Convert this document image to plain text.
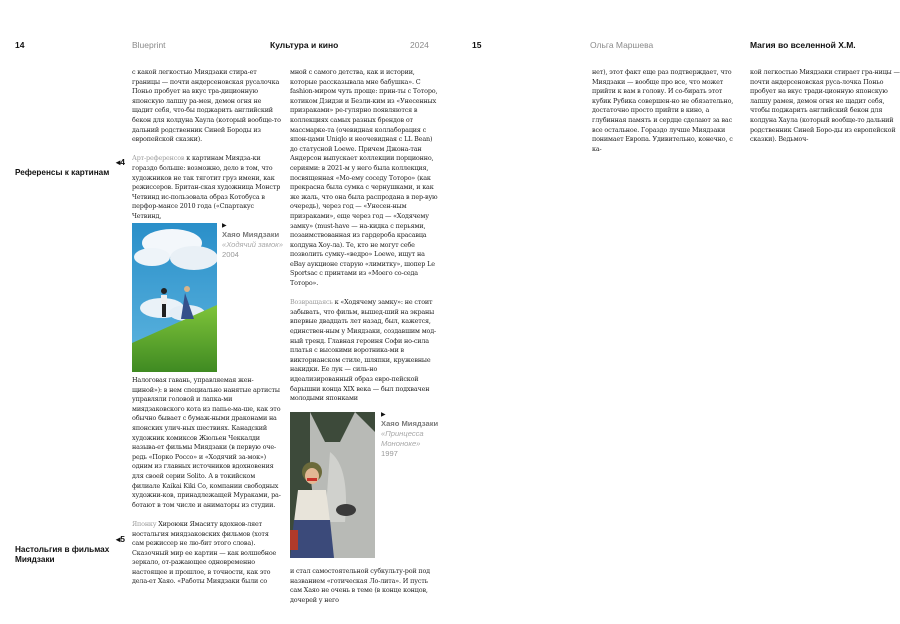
14	Blueprint	Культура и кино	2024	15	Ольга Маршева	Магия во вселенной Х.М.
◂4
Референсы к картинам
◂5
Настольгия в фильмах Миядзаки

с какой легкостью Миядзаки стира-ет границы — почти андерсеновская русалочка Поньо пробует на вкус тра-диционную японскую лапшу ра-мен, демон огня не щадит себя, что-бы поджарить английский бекон для колдуна Хаула (который вообще-то дальний родственник Синей Бороды из европейской сказки).

Арт-референсов к картинам Миядза-ки гораздо больше: возможно, дело в том, что художников не так тяготит груз имени, как режиссеров. Британ-ская художница Монстр Четвинд ис-пользовала образ Котобуса в перфор-мансе 2010 года («Спартакус Четвинд,

▶
Хаяо Миядзаки
«Ходячий замок»
2004

Налоговая гавань, управляемая жен-щиной»): в нем специально нанятые артисты управляли головой и лапка-ми миядзаковского кота из папье-ма-ше, как это обычно бывает с бумаж-ными драконами на японских улич-ных шествиях. Канадский художник комиксов Жюльен Чеккалди называ-ет фильмы Миядзаки (в первую оче-редь «Порко Россо» и «Ходячий за-мок») одним из главных источников вдохновения для своей серии Solito. А в токийском филиале Kaikai Kiki Co, компании свободных художни-ков, принадлежащей Мураками, ра-ботают в том числе и аниматоры из студии.

Японку Хироюки Ямаситу вдохнов-ляет ностальгия миядзаковских фильмов (хотя сам режиссер не лю-бит этого слова). Сказочный мир ее картин — как волшебное зеркало, от-ражающее одновременно настоящее и прошлое, в точности, как это дела-ет Хаяо. «Работы Миядзаки были со

мной с самого детства, как и истории, которые рассказывала мне бабушка». С fashion-миром чуть проще: прин-ты с Тоторо, котиком Дзидзи и Безли-ким из «Унесенных призраками» ре-гулярно появляются в коллекциях самых разных брендов от массмарке-та (очевидная коллаборация с япон-цами Uniqlo и неочевидная с LL Bean) до статусной Loewe. Причем Джона-тан Андерсон выпускает коллекции порционно, сериями: в 2021-м у него была коллекция, посвященная «Мо-ему соседу Тоторо» (как прекрасна была сумка с чернушками, и как же жаль, что она была распродана в пер-вую очередь), через год — «Унесен-ным призраками», еще через год — «Ходячему замку» (must-have — на-кидка с перьями, позаимствованная из гардероба красавца колдуна Хоу-ла). Те, кто не могут себе позволить сумку-«ведро» Loewe, ищут на eBay аукционе старую «лимитку», шопер Le Sportsac с принтами из «Моего со-седа Тоторо».

Возвращаясь к «Ходячему замку»: не стоит забывать, что фильм, вышед-ший на экраны впервые двадцать лет назад, был, кажется, единствен-ным у Миядзаки, создавшим мод-ный тренд. Главная героиня Софи но-сила платья с высокими воротника-ми в викторианском стиле, шляпки, кружевные накидки. Ее лук — силь-но идеализированный образ евро-пейской барышни конца XIX века — был подхвачен молодыми японками

▶
Хаяо Миядзаки
«Принцесса Мононоке»
1997

и стал самостоятельной субкульту-рой под названием «готическая Ло-лита». И пусть сам Хаяо не очень в теме (в конце концов, дочерей у него

нет), этот факт еще раз подтверждает, что Миядзаки — вообще про все, что может прийти к вам в голову. И со-бирать этот кубик Рубика совершен-но не обязательно, достаточно просто прийти в кино, а глубинная память и сердце сделают за вас все остальное. Гораздо лучше Миядзаки понимает Европа. Удивительно, конечно, с ка-

кой легкостью Миядзаки стирает гра-ницы — почти андерсеновская руса-лочка Поньо пробует на вкус тради-ционную японскую лапшу рамен, демон огня не щадит себя, чтобы поджарить английский бекон для колдуна Хаула (который вообще-то дальний родственник Синей Боро-ды из европейской сказки). Ведьмоч-
